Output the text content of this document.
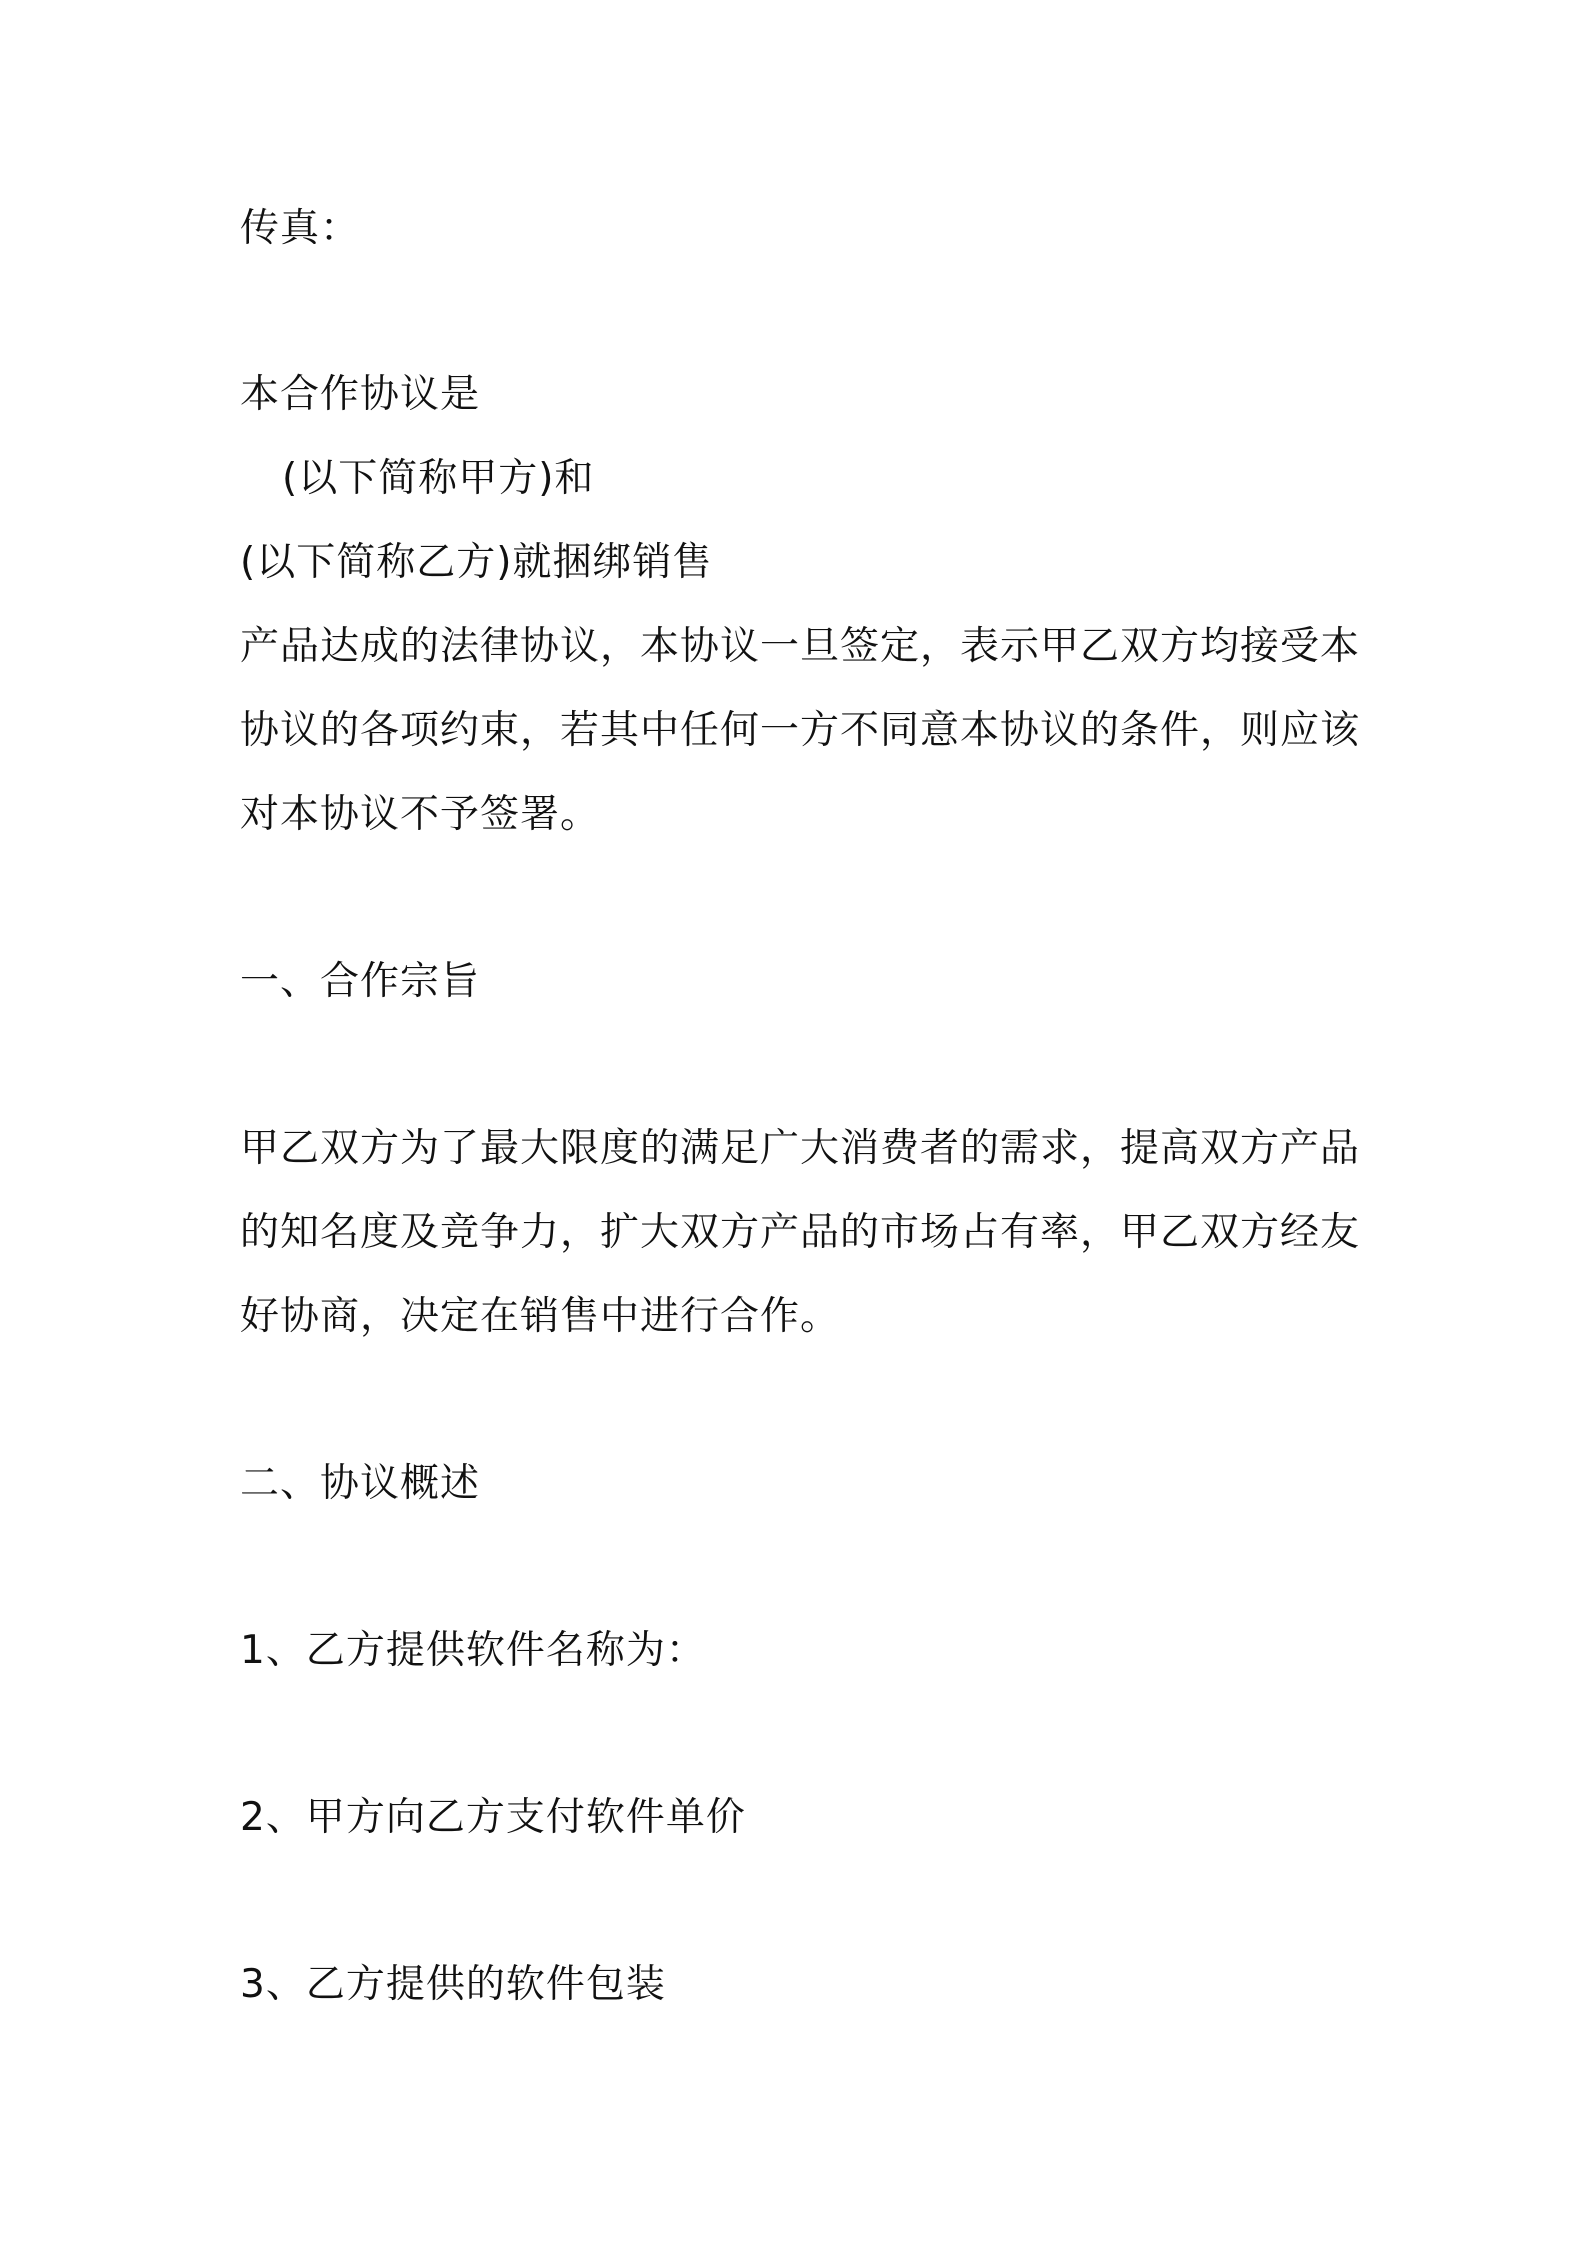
传真：
本合作协议是
(以下简称甲方)和
(以下简称乙方)就捆绑销售
产品达成的法律协议，本协议一旦签定，表示甲乙双方均接受本
协议的各项约束，若其中任何一方不同意本协议的条件，则应该
对本协议不予签署。
一、合作宗旨
甲乙双方为了最大限度的满足广大消费者的需求，提高双方产品
的知名度及竞争力，扩大双方产品的市场占有率，甲乙双方经友
好协商，决定在销售中进行合作。
二、协议概述
1、乙方提供软件名称为：
2、甲方向乙方支付软件单价
3、乙方提供的软件包装
